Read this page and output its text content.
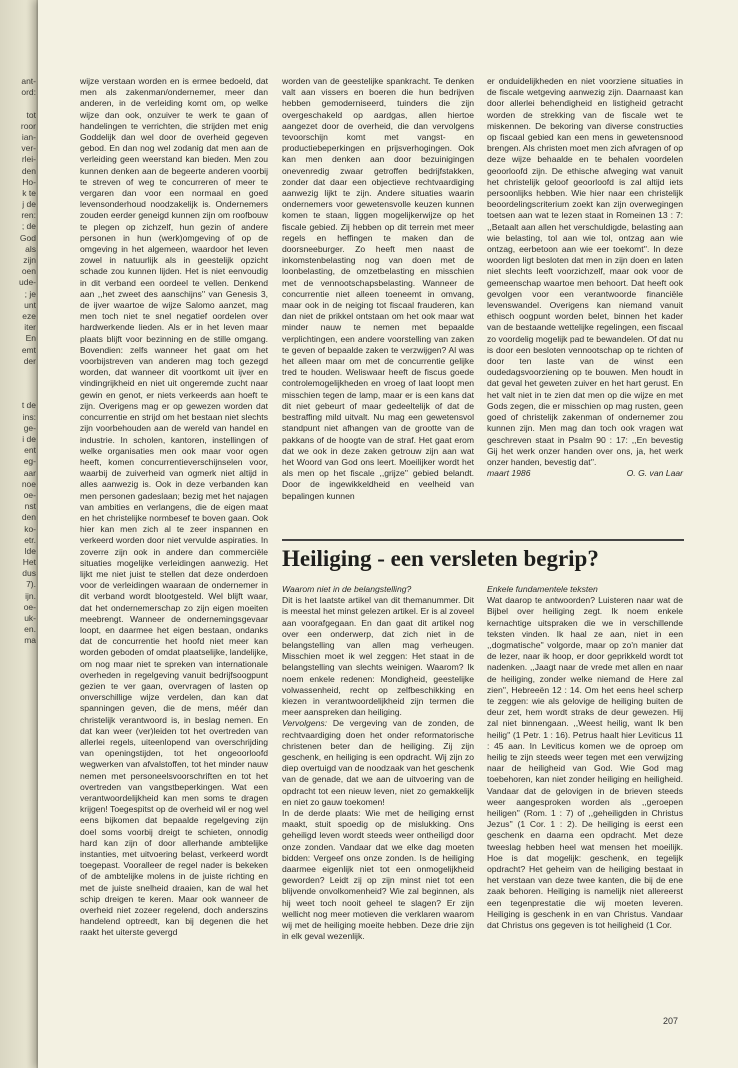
ant-
ord:
tot
roor
ian-
ver-
rlei-
den
Ho-
k te
j de
ren:
; de
God
als
zijn
oen
ude-
; je
unt
eze
iter
En
emt
der
t de
ins:
ge-
i de
ent
eg-
aar
noe
oe-
nst
den
ko-
etr.
lde
Het
dus
7).
ijn.
oe-
uk-
en.
ma

wijze verstaan worden en is ermee bedoeld, dat men als zakenman/ondernemer, meer dan anderen, in de verleiding komt om, op welke wijze dan ook, onzuiver te werk te gaan of handelingen te verrichten, die strijden met enig Goddelijk dan wel door de overheid gegeven gebod. En dan nog wel zodanig dat men aan de verleiding geen weerstand kan bieden. Men zou kunnen denken aan de begeerte anderen voorbij te streven of weg te concurreren of meer te vergaren dan voor een normaal en goed levensonderhoud noodzakelijk is. Ondernemers zouden eerder geneigd kunnen zijn om roofbouw te plegen op zichzelf, hun gezin of andere personen in hun (werk)omgeving of op de omgeving in het algemeen, waardoor het leven zowel in natuurlijk als in geestelijk opzicht schade zou kunnen lijden. Het is niet eenvoudig in dit verband een oordeel te vellen. Denkend aan ,,het zweet des aanschijns'' van Genesis 3, de ijver waartoe de wijze Salomo aanzet, mag men toch niet te snel negatief oordelen over hardwerkende lieden. Als er in het leven maar plaats blijft voor bezinning en de stille omgang. Bovendien: zelfs wanneer het gaat om het voorbijstreven van anderen mag toch gezegd worden, dat wanneer dit voortkomt uit ijver en vindingrijkheid en niet uit ongeremde zucht naar gewin en genot, er niets verkeerds aan hoeft te zijn. Overigens mag er op gewezen worden dat concurrentie en strijd om het bestaan niet slechts zijn voorbehouden aan de wereld van handel en industrie. In scholen, kantoren, instellingen of welke organisaties men ook maar voor ogen heeft, komen concurrentieverschijnselen voor, waarbij de zuiverheid van ogmerk niet altijd in alles aanwezig is. Ook in deze verbanden kan men personen gadeslaan; bezig met het najagen van ambities en verlangens, die de eigen maat en het christelijke normbesef te boven gaan. Ook hier kan men zich al te zeer inspannen en verkeerd worden door niet vervulde aspiraties. In zoverre zijn ook in andere dan commerciële situaties mogelijke verleidingen aanwezig. Het lijkt me niet juist te stellen dat deze onderdoen voor de verleidingen waaraan de ondernemer in dit verband wordt blootgesteld. Wel blijft waar, dat het ondernemerschap zo zijn eigen moeiten meebrengt. Wanneer de ondernemingsgevaar loopt, en daarmee het eigen bestaan, ondanks dat de concurrentie het hoofd niet meer kan worden geboden of omdat plaatselijke, landelijke, om nog maar niet te spreken van internationale overheden in regelgeving vanuit bedrijfsoogpunt gezien te ver gaan, overvragen of lasten op onverschillige wijze verdelen, dan kan dat spanningen geven, die de mens, méér dan christelijk verantwoord is, in beslag nemen. En dat kan weer (ver)leiden tot het overtreden van allerlei regels, uiteenlopend van overschrijding van openingstijden, tot het ongeoorloofd wegwerken van afvalstoffen, tot het minder nauw nemen met personeelsvoorschriften en tot het overtreden van vangstbeperkingen. Wat een verantwoordelijkheid kan men soms te dragen krijgen! Toegespitst op de overheid wil er nog wel eens bijkomen dat bepaalde regelgeving zijn doel soms voorbij dreigt te schieten, onnodig hard kan zijn of door allerhande ambtelijke instanties, met uitvoering belast, verkeerd wordt toegepast. Vooralleer de regel nader is bekeken of de ambtelijke molens in de juiste richting en met de juiste snelheid draaien, kan de wal het schip dreigen te keren. Maar ook wanneer de overheid niet zozeer regelend, doch anderszins handelend optreedt, kan bij degenen die het raakt het uiterste gevergd

worden van de geestelijke spankracht. Te denken valt aan vissers en boeren die hun bedrijven hebben gemoderniseerd, tuinders die zijn overgeschakeld op aardgas, allen hiertoe aangezet door de overheid, die dan vervolgens tevoorschijn komt met vangst- en productiebeperkingen en prijsverhogingen. Ook kan men denken aan door bezuinigingen onevenredig zwaar getroffen bedrijfstakken, zonder dat daar een objectieve rechtvaardiging aanwezig lijkt te zijn. Andere situaties waarin ondernemers voor gewetensvolle keuzen kunnen komen te staan, liggen mogelijkerwijze op het fiscale gebied. Zij hebben op dit terrein met meer regels en heffingen te maken dan de doorsneeburger. Zo heeft men naast de inkomstenbelasting nog van doen met de loonbelasting, de omzetbelasting en misschien met de vennootschapsbelasting. Wanneer de concurrentie niet alleen toeneemt in omvang, maar ook in de neiging tot fiscaal frauderen, kan dan niet de prikkel ontstaan om het ook maar wat minder nauw te nemen met bepaalde verplichtingen, een andere voorstelling van zaken te geven of bepaalde zaken te verzwijgen? Al was het alleen maar om met de concurrentie gelijke tred te houden. Weliswaar heeft de fiscus goede controlemogelijkheden en vroeg of laat loopt men misschien tegen de lamp, maar er is een kans dat dit niet gebeurt of maar gedeeltelijk of dat de bestraffing mild uitvalt. Nu mag een gewetensvol standpunt niet afhangen van de grootte van de pakkans of de hoogte van de straf. Het gaat erom dat we ook in deze zaken getrouw zijn aan wat het Woord van God ons leert. Moeilijker wordt het als men op het fiscale ,,grijze'' gebied belandt. Door de ingewikkeldheid en veelheid van bepalingen kunnen

er onduidelijkheden en niet voorziene situaties in de fiscale wetgeving aanwezig zijn. Daarnaast kan door allerlei behendigheid en listigheid getracht worden de strekking van de fiscale wet te miskennen. De bekoring van diverse constructies op fiscaal gebied kan een mens in gewetensnood brengen. Als christen moet men zich afvragen of op deze wijze behaalde en te behalen voordelen geoorloofd zijn. De ethische afweging wat vanuit het christelijk geloof geoorloofd is zal altijd iets persoonlijks hebben. Wie hier naar een christelijk beoordelingscriterium zoekt kan zijn overwegingen toetsen aan wat te lezen staat in Romeinen 13 : 7: ,,Betaalt aan allen het verschuldigde, belasting aan wie belasting, tol aan wie tol, ontzag aan wie ontzag, eerbetoon aan wie eer toekomt''. In deze woorden ligt besloten dat men in zijn doen en laten niet slechts leeft voorzichzelf, maar ook voor de gemeenschap waartoe men behoort. Dat heeft ook gevolgen voor een verantwoorde financiële levenswandel. Overigens kan niemand vanuit ethisch oogpunt worden belet, binnen het kader van de bestaande wettelijke regelingen, een fiscaal zo voordelig mogelijk pad te bewandelen. Of dat nu is door een besloten vennootschap op te richten of door ten laste van de winst een oudedagsvoorziening op te bouwen. Men houdt in dat geval het geweten zuiver en het hart gerust. En het valt niet in te zien dat men op die wijze en met Gods zegen, die er misschien op mag rusten, geen goed of christelijk zakenman of ondernemer zou kunnen zijn. Men mag dan toch ook vragen wat geschreven staat in Psalm 90 : 17: ,,En bevestig Gij het werk onzer handen over ons, ja, het werk onzer handen, bevestig dat''.

maart 1986	O. G. van Laar
Heiliging - een versleten begrip?

Waarom niet in de belangstelling?

Dit is het laatste artikel van dit themanummer. Dit is meestal het minst gelezen artikel. Er is al zoveel aan voorafgegaan. En dan gaat dit artikel nog over een onderwerp, dat zich niet in de belangstelling van allen mag verheugen. Misschien moet ik wel zeggen: Het staat in de belangstelling van slechts weinigen. Waarom? Ik noem enkele redenen: Mondigheid, geestelijke volwassenheid, recht op zelfbeschikking en kiezen in verantwoordelijkheid zijn termen die meer aanspreken dan heiliging.

Vervolgens: De vergeving van de zonden, de rechtvaardiging doen het onder reformatorische christenen beter dan de heiliging. Zij zijn geschenk, en heiliging is een opdracht. Wij zijn zo diep overtuigd van de noodzaak van het geschenk van de genade, dat we aan de uitvoering van de opdracht tot een nieuw leven, niet zo gemakkelijk en niet zo gauw toekomen!

In de derde plaats: Wie met de heiliging ernst maakt, stuit spoedig op de mislukking. Ons geheiligd leven wordt steeds weer ontheiligd door onze zonden. Vandaar dat we elke dag moeten bidden: Vergeef ons onze zonden. Is de heiliging daarmee eigenlijk niet tot een onmogelijkheid geworden? Leidt zij op zijn minst niet tot een blijvende onvolkomenheid? Wie zal beginnen, als hij weet toch nooit geheel te slagen? Er zijn wellicht nog meer motieven die verklaren waarom wij met de heiliging moeite hebben. Deze drie zijn in elk geval wezenlijk.

Enkele fundamentele teksten

Wat daarop te antwoorden? Luisteren naar wat de Bijbel over heiliging zegt. Ik noem enkele kernachtige uitspraken die we in verschillende teksten vinden. Ik haal ze aan, niet in een ,,dogmatische'' volgorde, maar op zo'n manier dat de lezer, naar ik hoop, er door geprikkeld wordt tot nadenken. ,,Jaagt naar de vrede met allen en naar de heiliging, zonder welke niemand de Here zal zien'', Hebreeën 12 : 14. Om het eens heel scherp te zeggen: wie als gelovige de heiliging buiten de deur zet, hem wordt straks de deur gewezen. Hij zal niet binnengaan. ,,Weest heilig, want Ik ben heilig'' (1 Petr. 1 : 16). Petrus haalt hier Leviticus 11 : 45 aan. In Leviticus komen we de oproep om heilig te zijn steeds weer tegen met een verwijzing naar de heiligheid van God. Wie God mag toebehoren, kan niet zonder heiliging en heiligheid. Vandaar dat de gelovigen in de brieven steeds weer aangesproken worden als ,,geroepen heiligen'' (Rom. 1 : 7) of ,,geheiligden in Christus Jezus'' (1 Cor. 1 : 2). De heiliging is eerst een geschenk en daarna een opdracht. Met deze tweeslag hebben heel wat mensen het moeilijk. Hoe is dat mogelijk: geschenk, en tegelijk opdracht? Het geheim van de heiliging bestaat in het verstaan van deze twee kanten, die bij de ene zaak behoren. Heiliging is namelijk niet allereerst een tegenprestatie die wij moeten leveren. Heiliging is geschenk in en van Christus. Vandaar dat Christus ons gegeven is tot heiligheid (1 Cor.

207
